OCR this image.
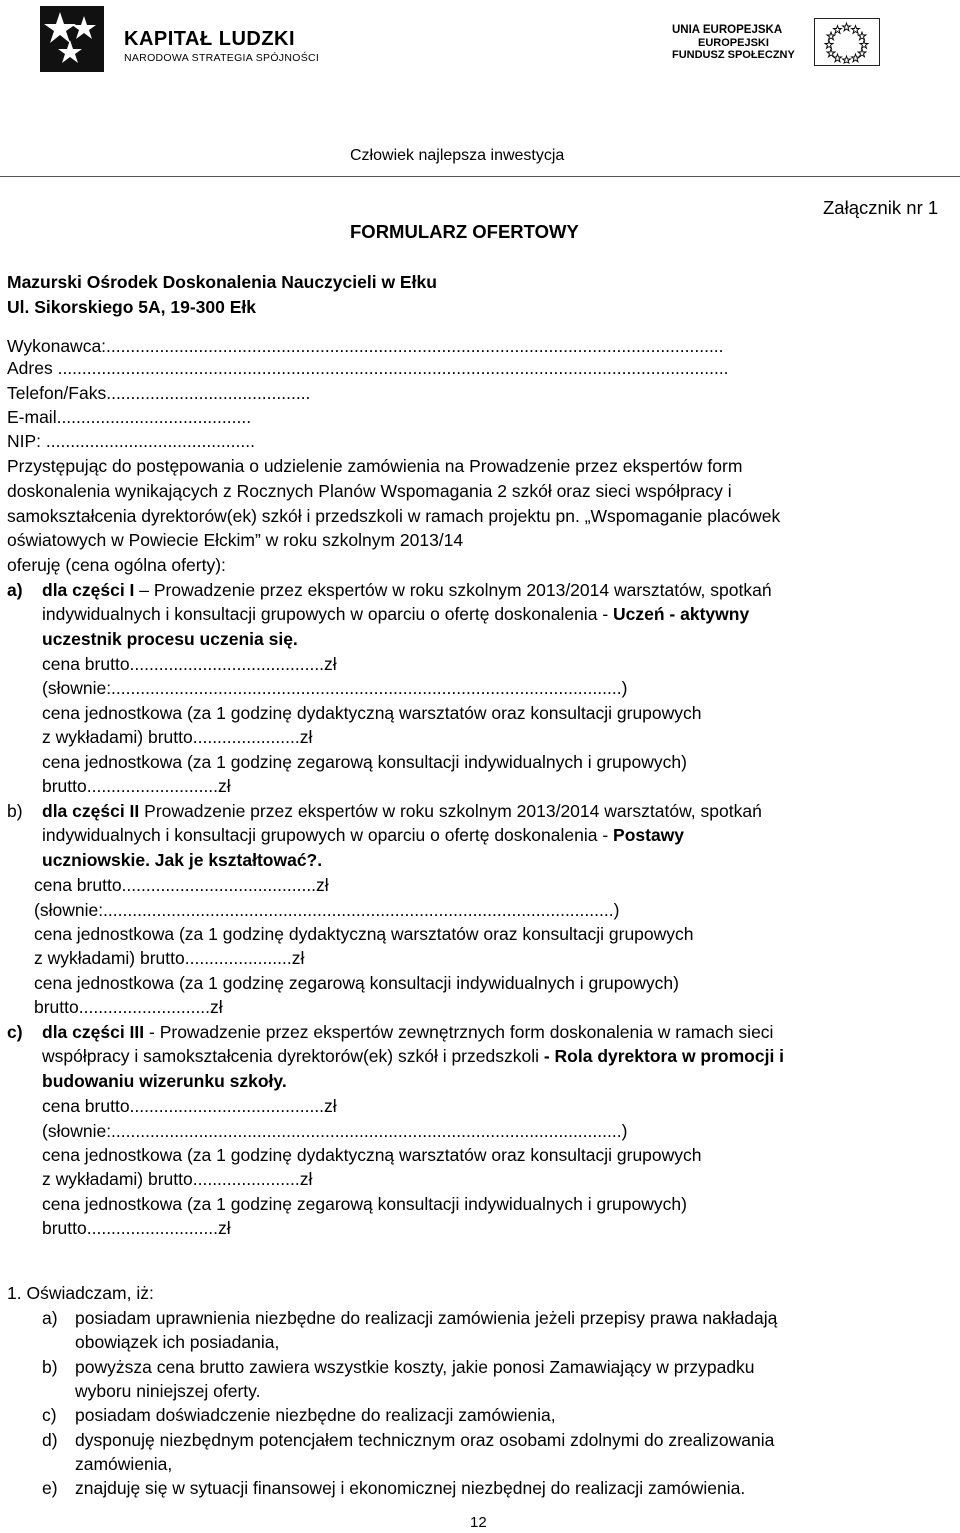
KAPITAŁ LUDZKI
NARODOWA STRATEGIA SPÓJNOŚCI
UNIA EUROPEJSKA
EUROPEJSKI
FUNDUSZ SPOŁECZNY
Człowiek najlepsza inwestycja
Załącznik nr 1
FORMULARZ OFERTOWY
Mazurski Ośrodek Doskonalenia Nauczycieli w Ełku
Ul. Sikorskiego 5A, 19-300 Ełk
Wykonawca:...............................................................................................................................
Adres ..........................................................................................................................................
Telefon/Faks..........................................
E-mail........................................
NIP: ...........................................
Przystępując do postępowania o udzielenie zamówienia na Prowadzenie przez ekspertów form
doskonalenia wynikających z Rocznych Planów Wspomagania 2 szkół oraz sieci współpracy i
samokształcenia dyrektorów(ek) szkół i przedszkoli w ramach projektu pn. „Wspomaganie placówek
oświatowych w Powiecie Ełckim” w roku szkolnym 2013/14
oferuję (cena ogólna oferty):
a) dla części I – Prowadzenie przez ekspertów w roku szkolnym 2013/2014 warsztatów, spotkań
indywidualnych i konsultacji grupowych w oparciu o ofertę doskonalenia - Uczeń - aktywny
uczestnik procesu uczenia się.
cena brutto........................................zł
(słownie:.........................................................................................................)
cena jednostkowa (za 1 godzinę dydaktyczną warsztatów oraz konsultacji grupowych
z wykładami) brutto......................zł
cena jednostkowa (za 1 godzinę zegarową konsultacji indywidualnych i grupowych)
brutto...........................zł
b) dla części II Prowadzenie przez ekspertów w roku szkolnym 2013/2014 warsztatów, spotkań
indywidualnych i konsultacji grupowych w oparciu o ofertę doskonalenia - Postawy
uczniowskie. Jak je kształtować?.
cena brutto........................................zł
(słownie:.........................................................................................................)
cena jednostkowa (za 1 godzinę dydaktyczną warsztatów oraz konsultacji grupowych
z wykładami) brutto......................zł
cena jednostkowa (za 1 godzinę zegarową konsultacji indywidualnych i grupowych)
brutto...........................zł
c) dla części III - Prowadzenie przez ekspertów zewnętrznych form doskonalenia w ramach sieci
współpracy i samokształcenia dyrektorów(ek) szkół i przedszkoli - Rola dyrektora w promocji i
budowaniu wizerunku szkoły.
cena brutto........................................zł
(słownie:.........................................................................................................)
cena jednostkowa (za 1 godzinę dydaktyczną warsztatów oraz konsultacji grupowych
z wykładami) brutto......................zł
cena jednostkowa (za 1 godzinę zegarową konsultacji indywidualnych i grupowych)
brutto...........................zł
1. Oświadczam, iż:
a) posiadam uprawnienia niezbędne do realizacji zamówienia jeżeli przepisy prawa nakładają
obowiązek ich posiadania,
b) powyższa cena brutto zawiera wszystkie koszty, jakie ponosi Zamawiający w przypadku
wyboru niniejszej oferty.
c) posiadam doświadczenie niezbędne do realizacji zamówienia,
d) dysponuję niezbędnym potencjałem technicznym oraz osobami zdolnymi do zrealizowania
zamówienia,
e) znajduję się w sytuacji finansowej i ekonomicznej niezbędnej do realizacji zamówienia.
12
